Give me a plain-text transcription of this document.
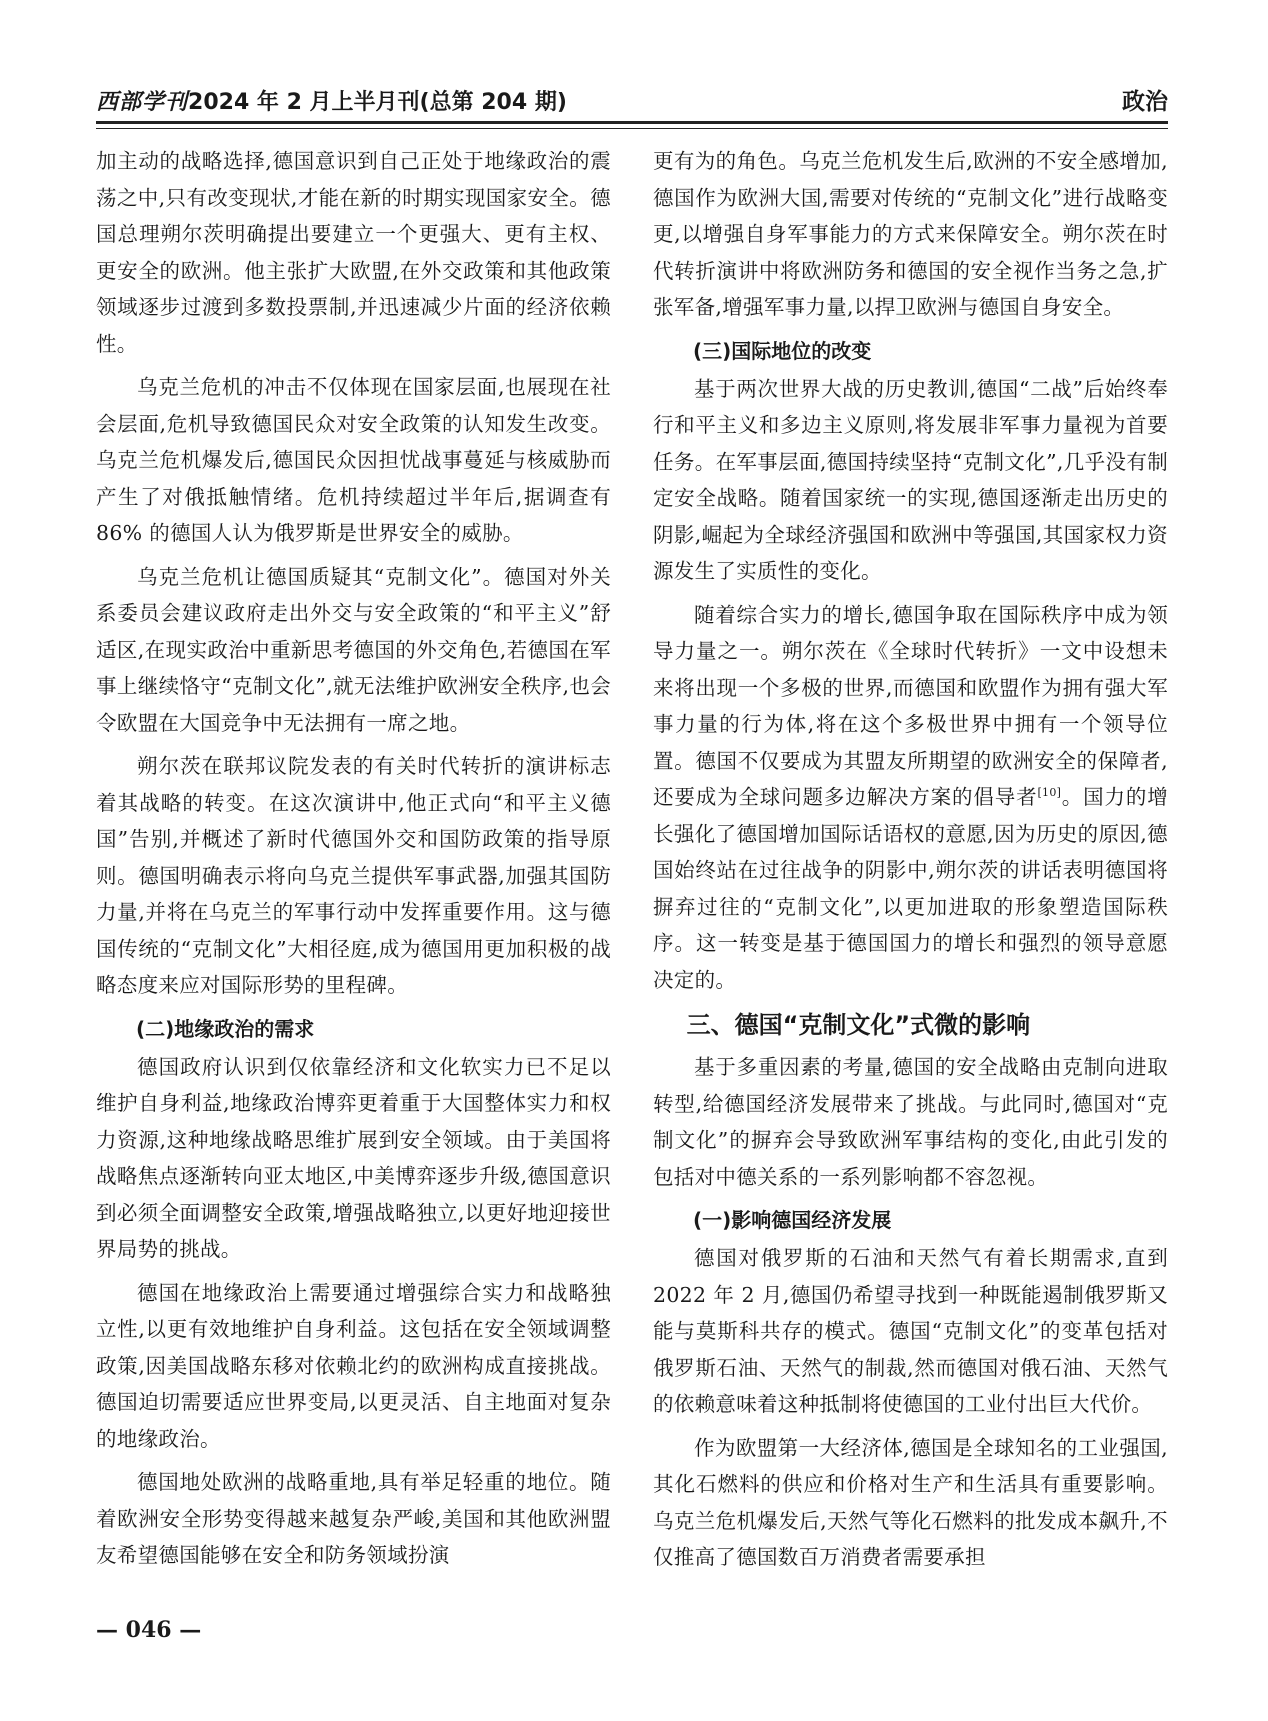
西部学刊2024 年 2 月上半月刊(总第 204 期)	政治

加主动的战略选择,德国意识到自己正处于地缘政治的震荡之中,只有改变现状,才能在新的时期实现国家安全。德国总理朔尔茨明确提出要建立一个更强大、更有主权、更安全的欧洲。他主张扩大欧盟,在外交政策和其他政策领域逐步过渡到多数投票制,并迅速减少片面的经济依赖性。

乌克兰危机的冲击不仅体现在国家层面,也展现在社会层面,危机导致德国民众对安全政策的认知发生改变。乌克兰危机爆发后,德国民众因担忧战事蔓延与核威胁而产生了对俄抵触情绪。危机持续超过半年后,据调查有 86% 的德国人认为俄罗斯是世界安全的威胁。

乌克兰危机让德国质疑其“克制文化”。德国对外关系委员会建议政府走出外交与安全政策的“和平主义”舒适区,在现实政治中重新思考德国的外交角色,若德国在军事上继续恪守“克制文化”,就无法维护欧洲安全秩序,也会令欧盟在大国竞争中无法拥有一席之地。

朔尔茨在联邦议院发表的有关时代转折的演讲标志着其战略的转变。在这次演讲中,他正式向“和平主义德国”告别,并概述了新时代德国外交和国防政策的指导原则。德国明确表示将向乌克兰提供军事武器,加强其国防力量,并将在乌克兰的军事行动中发挥重要作用。这与德国传统的“克制文化”大相径庭,成为德国用更加积极的战略态度来应对国际形势的里程碑。

(二)地缘政治的需求

德国政府认识到仅依靠经济和文化软实力已不足以维护自身利益,地缘政治博弈更着重于大国整体实力和权力资源,这种地缘战略思维扩展到安全领域。由于美国将战略焦点逐渐转向亚太地区,中美博弈逐步升级,德国意识到必须全面调整安全政策,增强战略独立,以更好地迎接世界局势的挑战。

德国在地缘政治上需要通过增强综合实力和战略独立性,以更有效地维护自身利益。这包括在安全领域调整政策,因美国战略东移对依赖北约的欧洲构成直接挑战。德国迫切需要适应世界变局,以更灵活、自主地面对复杂的地缘政治。

德国地处欧洲的战略重地,具有举足轻重的地位。随着欧洲安全形势变得越来越复杂严峻,美国和其他欧洲盟友希望德国能够在安全和防务领域扮演

更有为的角色。乌克兰危机发生后,欧洲的不安全感增加,德国作为欧洲大国,需要对传统的“克制文化”进行战略变更,以增强自身军事能力的方式来保障安全。朔尔茨在时代转折演讲中将欧洲防务和德国的安全视作当务之急,扩张军备,增强军事力量,以捍卫欧洲与德国自身安全。

(三)国际地位的改变

基于两次世界大战的历史教训,德国“二战”后始终奉行和平主义和多边主义原则,将发展非军事力量视为首要任务。在军事层面,德国持续坚持“克制文化”,几乎没有制定安全战略。随着国家统一的实现,德国逐渐走出历史的阴影,崛起为全球经济强国和欧洲中等强国,其国家权力资源发生了实质性的变化。

随着综合实力的增长,德国争取在国际秩序中成为领导力量之一。朔尔茨在《全球时代转折》一文中设想未来将出现一个多极的世界,而德国和欧盟作为拥有强大军事力量的行为体,将在这个多极世界中拥有一个领导位置。德国不仅要成为其盟友所期望的欧洲安全的保障者,还要成为全球问题多边解决方案的倡导者[10]。国力的增长强化了德国增加国际话语权的意愿,因为历史的原因,德国始终站在过往战争的阴影中,朔尔茨的讲话表明德国将摒弃过往的“克制文化”,以更加进取的形象塑造国际秩序。这一转变是基于德国国力的增长和强烈的领导意愿决定的。

三、德国“克制文化”式微的影响

基于多重因素的考量,德国的安全战略由克制向进取转型,给德国经济发展带来了挑战。与此同时,德国对“克制文化”的摒弃会导致欧洲军事结构的变化,由此引发的包括对中德关系的一系列影响都不容忽视。

(一)影响德国经济发展

德国对俄罗斯的石油和天然气有着长期需求,直到 2022 年 2 月,德国仍希望寻找到一种既能遏制俄罗斯又能与莫斯科共存的模式。德国“克制文化”的变革包括对俄罗斯石油、天然气的制裁,然而德国对俄石油、天然气的依赖意味着这种抵制将使德国的工业付出巨大代价。

作为欧盟第一大经济体,德国是全球知名的工业强国,其化石燃料的供应和价格对生产和生活具有重要影响。乌克兰危机爆发后,天然气等化石燃料的批发成本飙升,不仅推高了德国数百万消费者需要承担

— 046 —
